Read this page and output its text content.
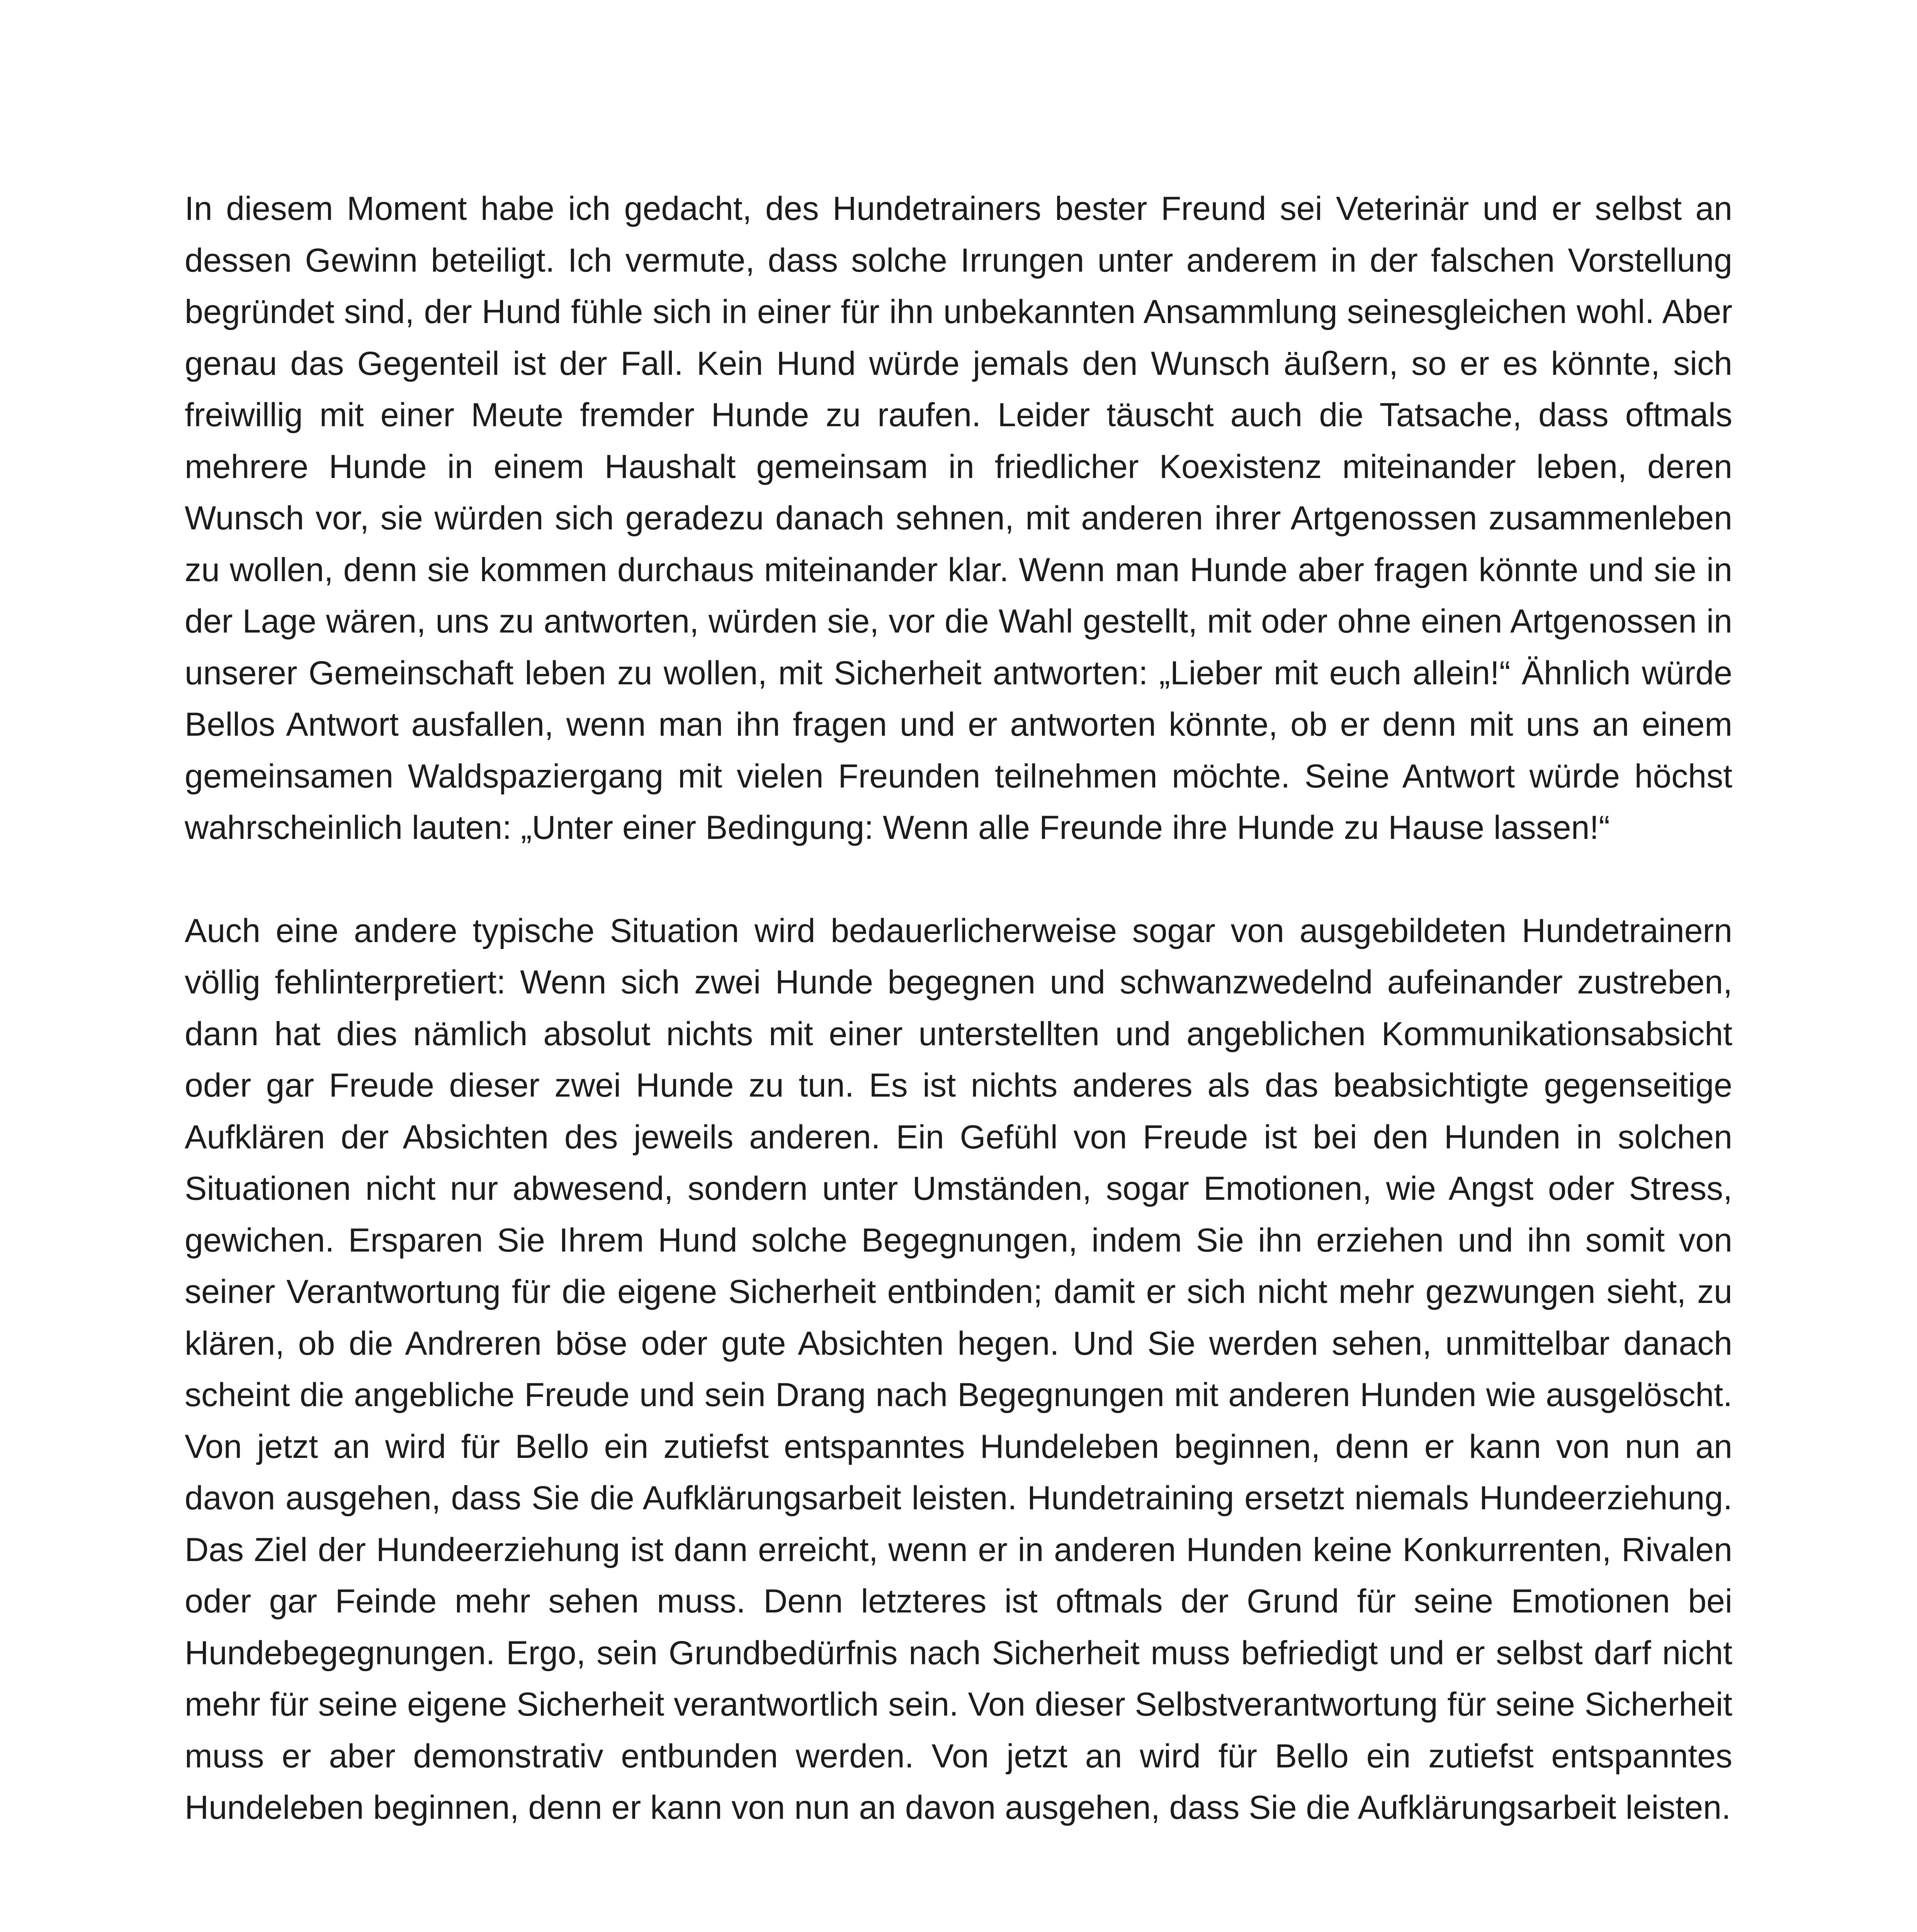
In diesem Moment habe ich gedacht, des Hundetrainers bester Freund sei Veterinär und er selbst an dessen Gewinn beteiligt. Ich vermute, dass solche Irrungen unter anderem in der falschen Vorstellung begründet sind, der Hund fühle sich in einer für ihn unbekannten Ansammlung seinesgleichen wohl. Aber genau das Gegenteil ist der Fall. Kein Hund würde jemals den Wunsch äußern, so er es könnte, sich freiwillig mit einer Meute fremder Hunde zu raufen. Leider täuscht auch die Tatsache, dass oftmals mehrere Hunde in einem Haushalt gemeinsam in friedlicher Koexistenz miteinander leben, deren Wunsch vor, sie würden sich geradezu danach sehnen, mit anderen ihrer Artgenossen zusammenleben zu wollen, denn sie kommen durchaus miteinander klar. Wenn man Hunde aber fragen könnte und sie in der Lage wären, uns zu antworten, würden sie, vor die Wahl gestellt, mit oder ohne einen Artgenossen in unserer Gemeinschaft leben zu wollen, mit Sicherheit antworten: „Lieber mit euch allein!“ Ähnlich würde Bellos Antwort ausfallen, wenn man ihn fragen und er antworten könnte, ob er denn mit uns an einem gemeinsamen Waldspaziergang mit vielen Freunden teilnehmen möchte. Seine Antwort würde höchst wahrscheinlich lauten: „Unter einer Bedingung: Wenn alle Freunde ihre Hunde zu Hause lassen!“

Auch eine andere typische Situation wird bedauerlicherweise sogar von ausgebildeten Hundetrainern völlig fehlinterpretiert: Wenn sich zwei Hunde begegnen und schwanzwedelnd aufeinander zustreben, dann hat dies nämlich absolut nichts mit einer unterstellten und angeblichen Kommunikationsabsicht oder gar Freude dieser zwei Hunde zu tun. Es ist nichts anderes als das beabsichtigte gegenseitige Aufklären der Absichten des jeweils anderen. Ein Gefühl von Freude ist bei den Hunden in solchen Situationen nicht nur abwesend, sondern unter Umständen, sogar Emotionen, wie Angst oder Stress, gewichen. Ersparen Sie Ihrem Hund solche Begegnungen, indem Sie ihn erziehen und ihn somit von seiner Verantwortung für die eigene Sicherheit entbinden; damit er sich nicht mehr gezwungen sieht, zu klären, ob die Andreren böse oder gute Absichten hegen. Und Sie werden sehen, unmittelbar danach scheint die angebliche Freude und sein Drang nach Begegnungen mit anderen Hunden wie ausgelöscht. Von jetzt an wird für Bello ein zutiefst entspanntes Hundeleben beginnen, denn er kann von nun an davon ausgehen, dass Sie die Aufklärungsarbeit leisten. Hundetraining ersetzt niemals Hundeerziehung. Das Ziel der Hundeerziehung ist dann erreicht, wenn er in anderen Hunden keine Konkurrenten, Rivalen oder gar Feinde mehr sehen muss. Denn letzteres ist oftmals der Grund für seine Emotionen bei Hundebegegnungen. Ergo, sein Grundbedürfnis nach Sicherheit muss befriedigt und er selbst darf nicht mehr für seine eigene Sicherheit verantwortlich sein. Von dieser Selbstverantwortung für seine Sicherheit muss er aber demonstrativ entbunden werden. Von jetzt an wird für Bello ein zutiefst entspanntes Hundeleben beginnen, denn er kann von nun an davon ausgehen, dass Sie die Aufklärungsarbeit leisten.
